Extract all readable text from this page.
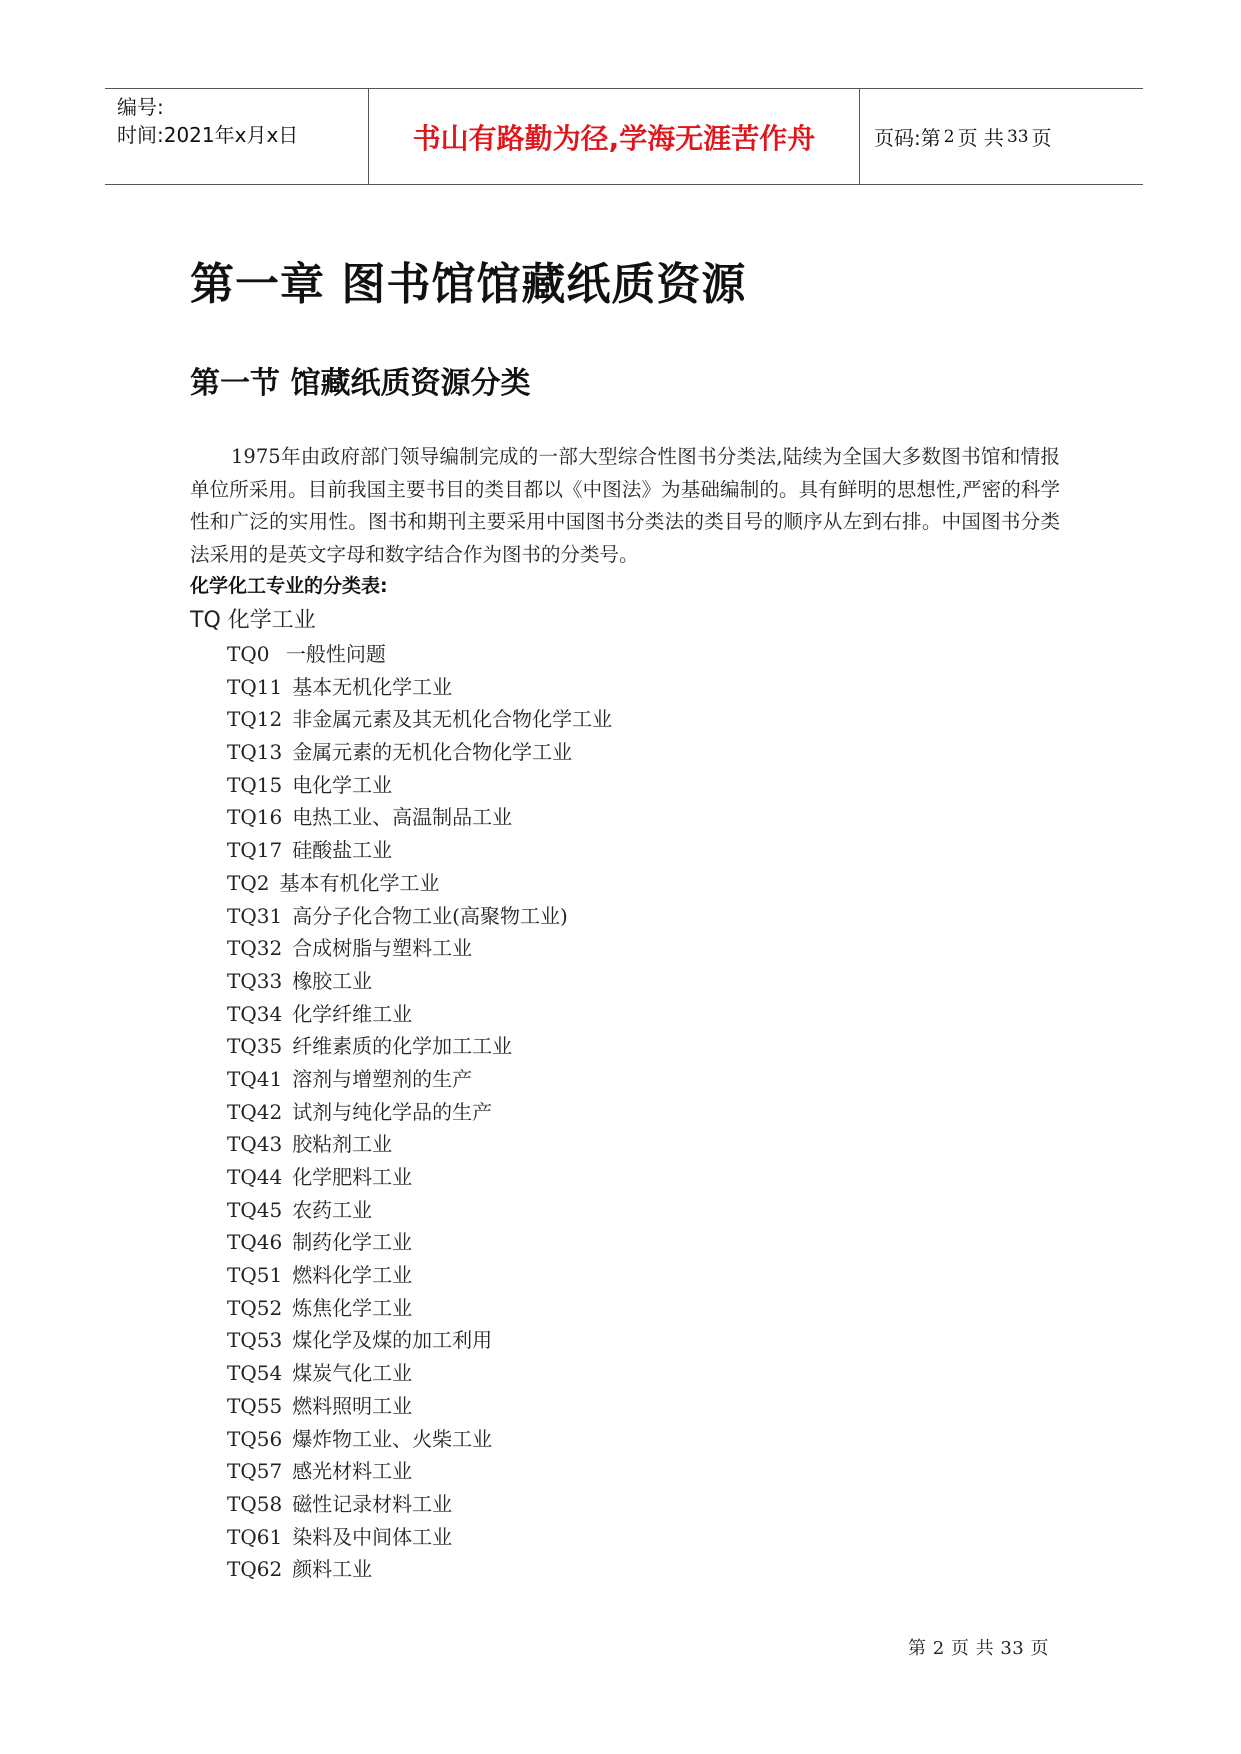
编号:
时间:2021年x月x日	书山有路勤为径,学海无涯苦作舟	页码:第 2 页 共 33 页
第一章 图书馆馆藏纸质资源
第一节 馆藏纸质资源分类

1975年由政府部门领导编制完成的一部大型综合性图书分类法,陆续为全国大多数图书馆和情报单位所采用。目前我国主要书目的类目都以《中图法》为基础编制的。具有鲜明的思想性,严密的科学性和广泛的实用性。图书和期刊主要采用中国图书分类法的类目号的顺序从左到右排。中国图书分类法采用的是英文字母和数字结合作为图书的分类号。

化学化工专业的分类表:
TQ 化学工业
TQ0 一般性问题
TQ11 基本无机化学工业
TQ12 非金属元素及其无机化合物化学工业
TQ13 金属元素的无机化合物化学工业
TQ15 电化学工业
TQ16 电热工业、高温制品工业
TQ17 硅酸盐工业
TQ2 基本有机化学工业
TQ31 高分子化合物工业(高聚物工业)
TQ32 合成树脂与塑料工业
TQ33 橡胶工业
TQ34 化学纤维工业
TQ35 纤维素质的化学加工工业
TQ41 溶剂与增塑剂的生产
TQ42 试剂与纯化学品的生产
TQ43 胶粘剂工业
TQ44 化学肥料工业
TQ45 农药工业
TQ46 制药化学工业
TQ51 燃料化学工业
TQ52 炼焦化学工业
TQ53 煤化学及煤的加工利用
TQ54 煤炭气化工业
TQ55 燃料照明工业
TQ56 爆炸物工业、火柴工业
TQ57 感光材料工业
TQ58 磁性记录材料工业
TQ61 染料及中间体工业
TQ62 颜料工业
第 2 页 共 33 页
